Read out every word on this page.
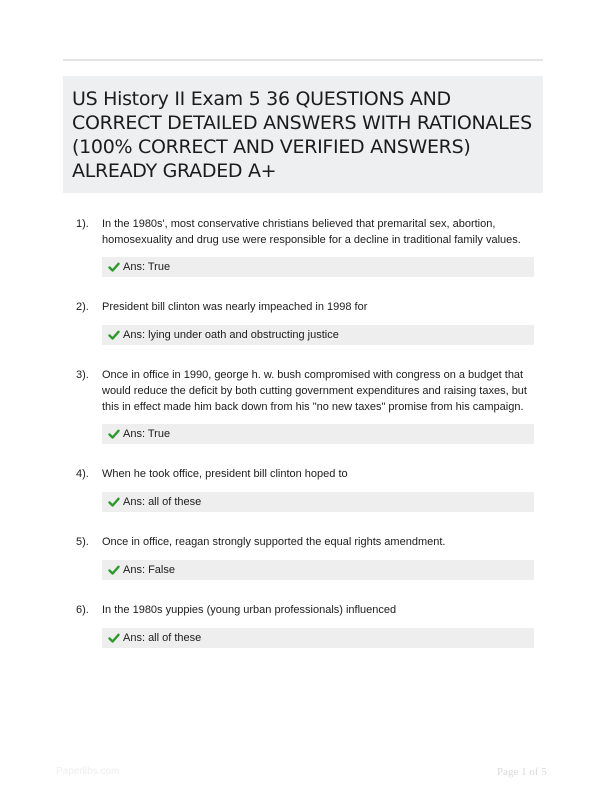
US History II Exam 5 36 QUESTIONS AND CORRECT DETAILED ANSWERS WITH RATIONALES (100% CORRECT AND VERIFIED ANSWERS) ALREADY GRADED A+
1). In the 1980s', most conservative christians believed that premarital sex, abortion, homosexuality and drug use were responsible for a decline in traditional family values.
Ans: True
2). President bill clinton was nearly impeached in 1998 for
Ans: lying under oath and obstructing justice
3). Once in office in 1990, george h. w. bush compromised with congress on a budget that would reduce the deficit by both cutting government expenditures and raising taxes, but this in effect made him back down from his "no new taxes" promise from his campaign.
Ans: True
4). When he took office, president bill clinton hoped to
Ans: all of these
5). Once in office, reagan strongly supported the equal rights amendment.
Ans: False
6). In the 1980s yuppies (young urban professionals) influenced
Ans: all of these
Paperlibs.com	Page 1 of 5
